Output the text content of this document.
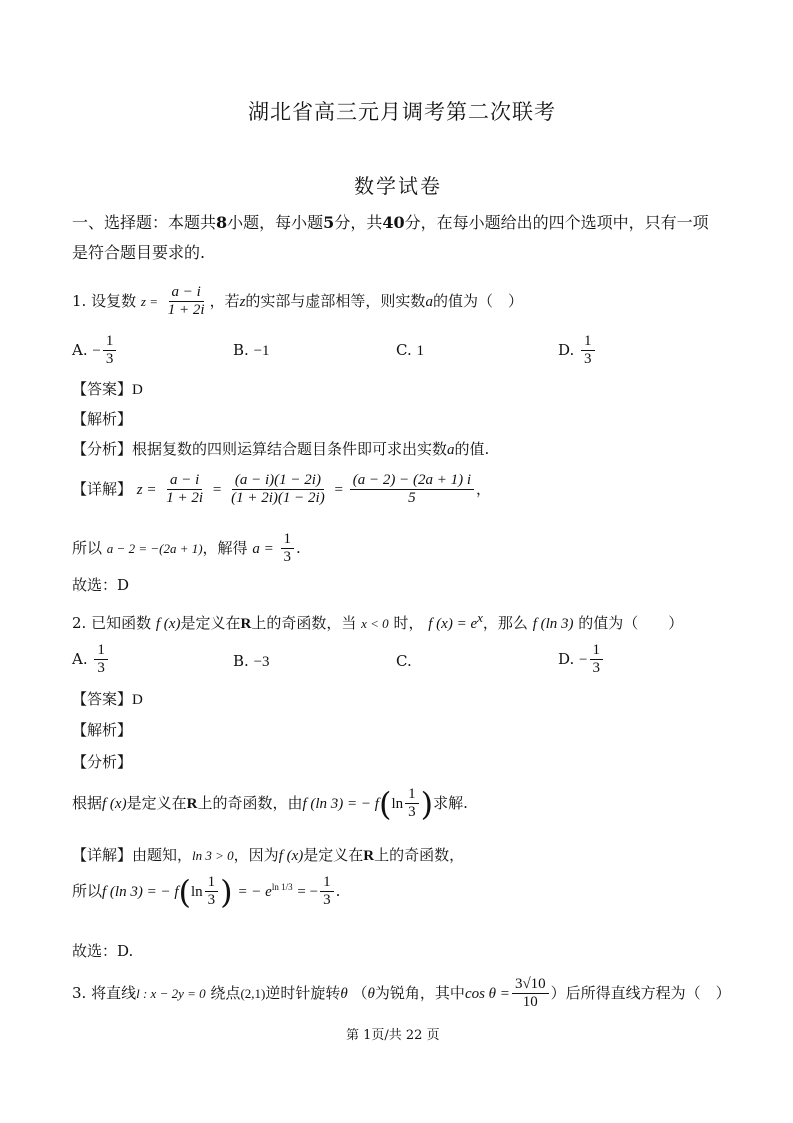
湖北省高三元月调考第二次联考
数学试卷
一、选择题：本题共8小题，每小题5分，共40分，在每小题给出的四个选项中，只有一项
是符合题目要求的.
1. 设复数 $z = \frac{a - i}{1 + 2i}$ ，若z的实部与虚部相等，则实数a的值为（　）
A. − $\frac{1}{3}$	B. −1	C. 1	D. $\frac{1}{3}$
【答案】D
【解析】
【分析】根据复数的四则运算结合题目条件即可求出实数a的值.
【详解】 $z = \frac{a - i}{1 + 2i} = \frac{(a - i)(1 - 2i)}{(1 + 2i)(1 - 2i)} = \frac{(a - 2) - (2a + 1) i}{5}$ ，
所以 a − 2 = −(2a + 1)，解得 $a = \frac{1}{3}$ .
故选：D
2. 已知函数 f (x)是定义在R上的奇函数，当 x < 0 时， f $(x) = e^x$，那么 f (ln 3) 的值为（　　）
A. $\frac{1}{3}$	B. −3	C.	D. − $\frac{1}{3}$
【答案】D
【解析】
【分析】
根据f (x)是定义在R上的奇函数，由f (ln 3) = − $f(\ln \frac{1}{3}$ )求解.
【详解】由题知，ln 3 > 0，因为f (x)是定义在R上的奇函数，
所以f (ln 3) = − $f(\ln \frac{1}{3}$ ) = − $e^{ln 1/3}$ = − $\frac{1}{3}$ .
故选：D.
3. 将直线l : x − 2y = 0 绕点(2,1)逆时针旋转θ （θ为锐角，其中$\cos \theta = \frac{3√10}{10}$ ）后所得直线方程为（　）
第 1页/共 22 页
